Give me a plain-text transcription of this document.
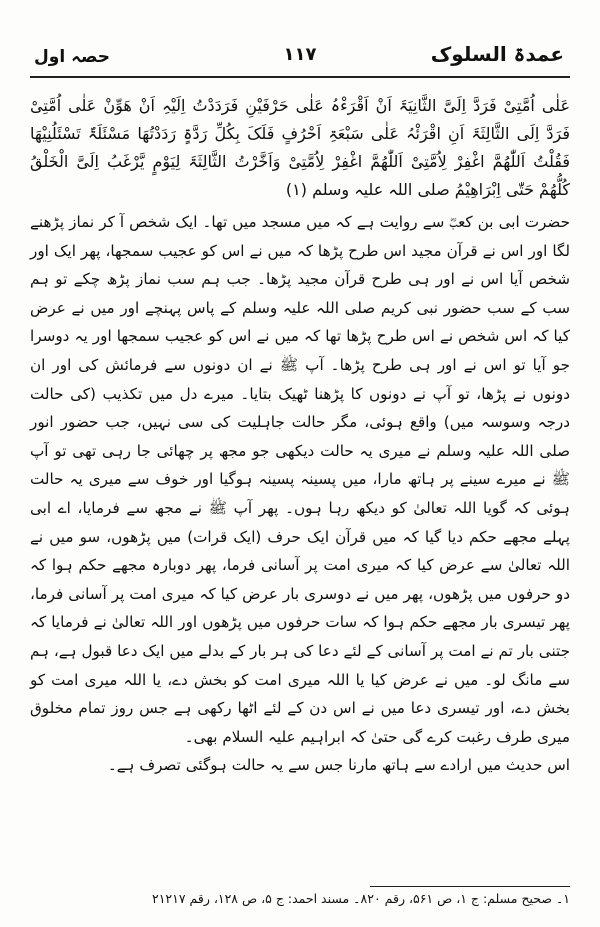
حصہ اول	۱۱۷	عمدۃ السلوک

عَلٰی اُمَّتِیْ فَرَدَّ اِلَیَّ الثَّانِیَۃَ اَنْ اَقْرَءْہُ عَلٰی حَرْفَیْنِ فَرَدَدْتُ اِلَیْہِ اَنْ ھَوِّنْ عَلٰی اُمَّتِیْ فَرَدَّ اِلَی الثَّالِثَۃَ اَنِ اقْرَئْہُ عَلٰی سَبْعَۃِ اَحْرُفٍ فَلَکَ بِکُلِّ رَدَّۃٍ رَدَدْتُھَا مَسْئَلَۃٌ تَسْئَلُنِیْھَا فَقُلْتُ اَللّٰھُمَّ اغْفِرْ لِاُمَّتِیْ اَللّٰھُمَّ اغْفِرْ لِاُمَّتِیْ وَاَخَّرْتُ الثَّالِثَۃَ لِیَوْمٍ یَّرْغَبُ اِلَیَّ الْخَلْقُ کُلُّھُمْ حَتّٰی اِبْرَاھِیْمُ صلی اللہ علیہ وسلم (۱)

حضرت ابی بن کعبؓ سے روایت ہے کہ میں مسجد میں تھا۔ ایک شخص آ کر نماز پڑھنے لگا اور اس نے قرآن مجید اس طرح پڑھا کہ میں نے اس کو عجیب سمجھا، پھر ایک اور شخص آیا اس نے اور ہی طرح قرآن مجید پڑھا۔ جب ہم سب نماز پڑھ چکے تو ہم سب کے سب حضور نبی کریم صلی اللہ علیہ وسلم کے پاس پہنچے اور میں نے عرض کیا کہ اس شخص نے اس طرح پڑھا تھا کہ میں نے اس کو عجیب سمجھا اور یہ دوسرا جو آیا تو اس نے اور ہی طرح پڑھا۔ آپ ﷺ نے ان دونوں سے فرمائش کی اور ان دونوں نے پڑھا، تو آپ نے دونوں کا پڑھنا ٹھیک بتایا۔ میرے دل میں تکذیب (کی حالت درجہ وسوسہ میں) واقع ہوئی، مگر حالت جاہلیت کی سی نہیں، جب حضور انور صلی اللہ علیہ وسلم نے میری یہ حالت دیکھی جو مجھ پر چھائی جا رہی تھی تو آپ ﷺ نے میرے سینے پر ہاتھ مارا، میں پسینہ پسینہ ہوگیا اور خوف سے میری یہ حالت ہوئی کہ گویا اللہ تعالیٰ کو دیکھ رہا ہوں۔ پھر آپ ﷺ نے مجھ سے فرمایا، اے ابی پہلے مجھے حکم دیا گیا کہ میں قرآن ایک حرف (ایک قرات) میں پڑھوں، سو میں نے اللہ تعالیٰ سے عرض کیا کہ میری امت پر آسانی فرما، پھر دوبارہ مجھے حکم ہوا کہ دو حرفوں میں پڑھوں، پھر میں نے دوسری بار عرض کیا کہ میری امت پر آسانی فرما، پھر تیسری بار مجھے حکم ہوا کہ سات حرفوں میں پڑھوں اور اللہ تعالیٰ نے فرمایا کہ جتنی بار تم نے امت پر آسانی کے لئے دعا کی ہر بار کے بدلے میں ایک دعا قبول ہے، ہم سے مانگ لو۔ میں نے عرض کیا یا اللہ میری امت کو بخش دے، یا اللہ میری امت کو بخش دے، اور تیسری دعا میں نے اس دن کے لئے اٹھا رکھی ہے جس روز تمام مخلوق میری طرف رغبت کرے گی حتیٰ کہ ابراہیم علیہ السلام بھی۔

اس حدیث میں ارادے سے ہاتھ مارنا جس سے یہ حالت ہوگئی تصرف ہے۔

۱۔ صحیح مسلم: ج ۱، ص ۵۶۱، رقم ۸۲۰۔ مسند احمد: ج ۵، ص ۱۲۸، رقم ۲۱۲۱۷
